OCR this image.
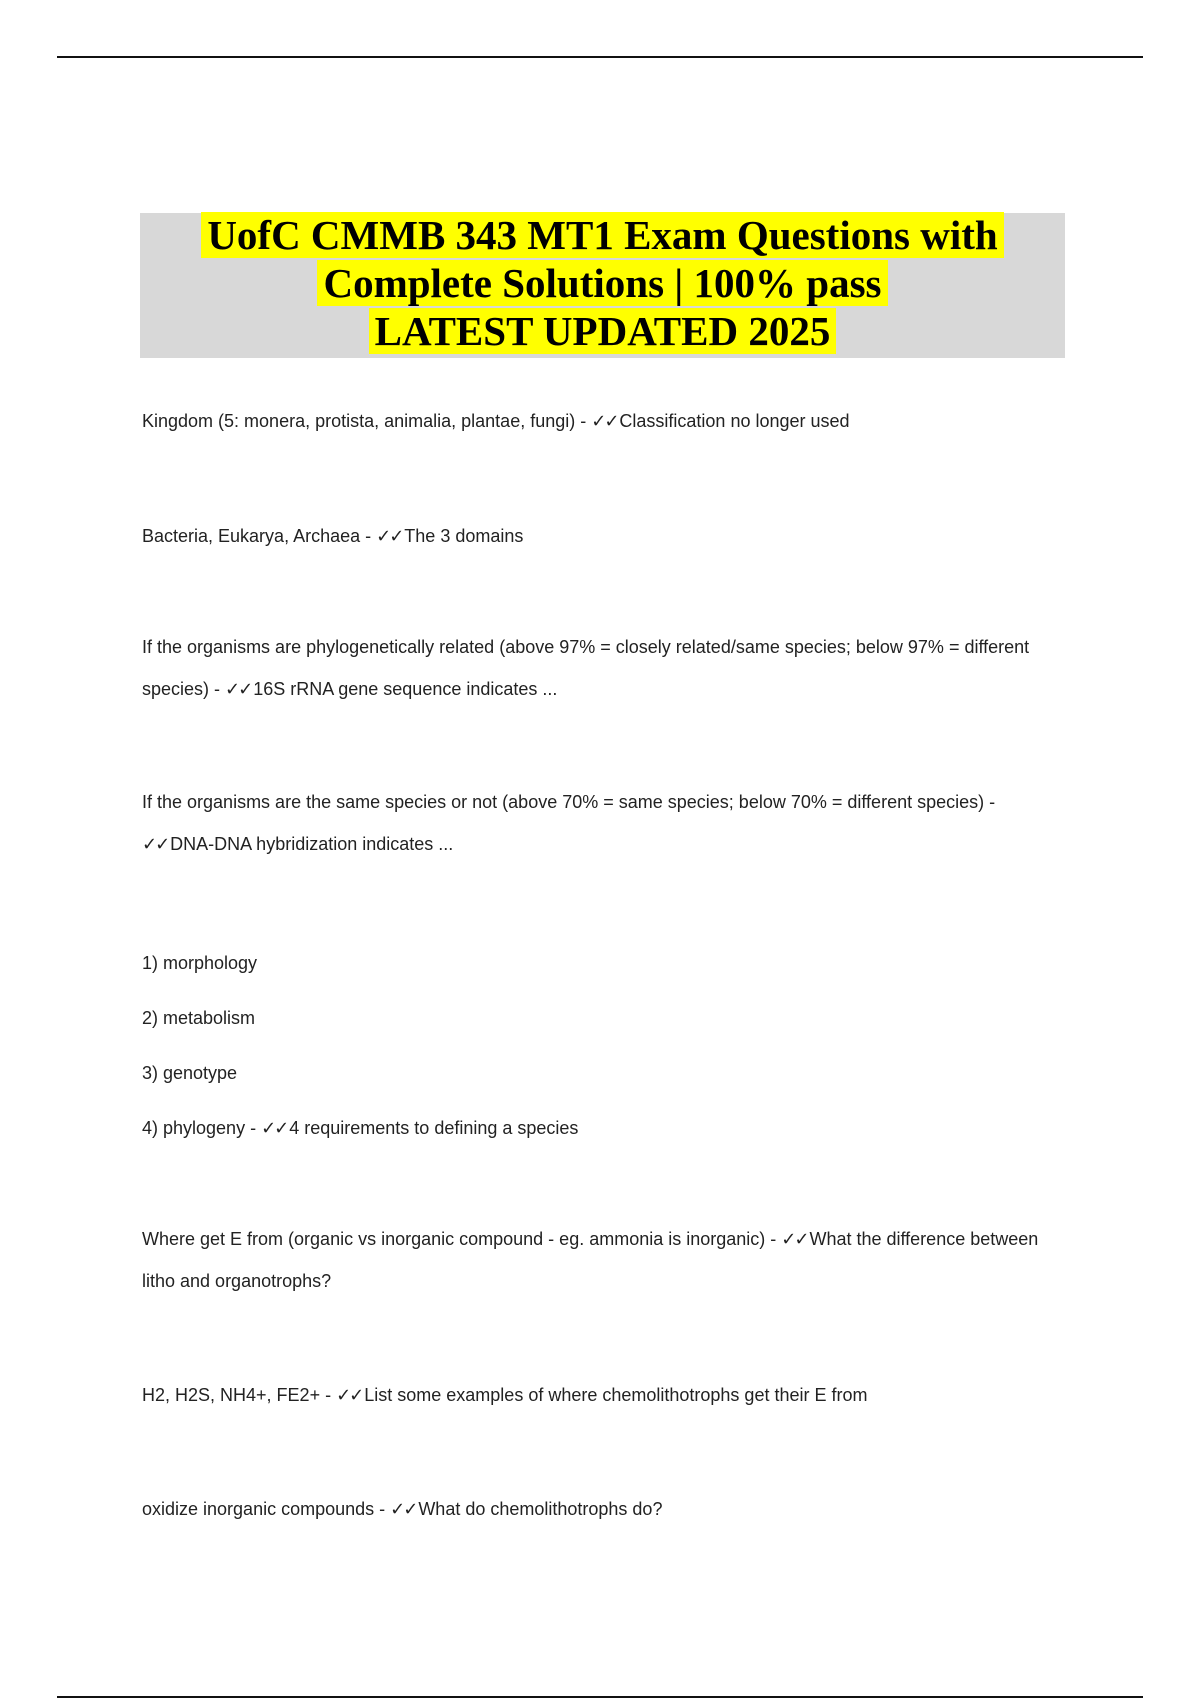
UofC CMMB 343 MT1 Exam Questions with
Complete Solutions | 100% pass
LATEST UPDATED 2025

Kingdom (5: monera, protista, animalia, plantae, fungi) - ✓✓ Classification no longer used

Bacteria, Eukarya, Archaea - ✓✓ The 3 domains

If the organisms are phylogenetically related (above 97% = closely related/same species; below 97% = different species) - ✓✓ 16S rRNA gene sequence indicates ...

If the organisms are the same species or not (above 70% = same species; below 70% = different species) - ✓✓ DNA-DNA hybridization indicates ...

1) morphology
2) metabolism
3) genotype
4) phylogeny - ✓✓ 4 requirements to defining a species

Where get E from (organic vs inorganic compound - eg. ammonia is inorganic) - ✓✓ What the difference between litho and organotrophs?

H2, H2S, NH4+, FE2+ - ✓✓ List some examples of where chemolithotrophs get their E from

oxidize inorganic compounds - ✓✓ What do chemolithotrophs do?
